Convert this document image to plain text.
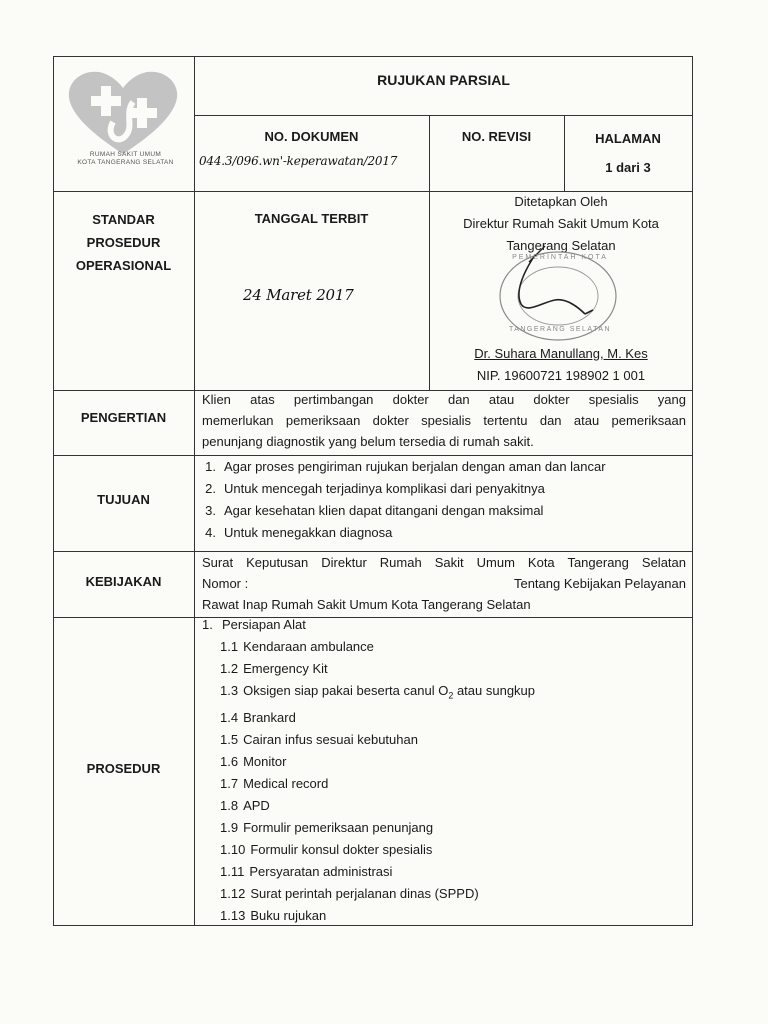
RUMAH SAKIT UMUM
KOTA TANGERANG SELATAN
RUJUKAN PARSIAL
NO. DOKUMEN
044.3/096.wn'-keperawatan/2017
NO. REVISI	HALAMAN
1 dari 3
STANDAR
PROSEDUR
OPERASIONAL
TANGGAL TERBIT
24 Maret 2017
Ditetapkan Oleh
Direktur Rumah Sakit Umum Kota
Tangerang Selatan
PEMERINTAH KOTA
TANGERANG SELATAN
Dr. Suhara Manullang, M. Kes
NIP. 19600721 198902 1 001
PENGERTIAN
Klien atas pertimbangan dokter dan atau dokter spesialis yang
memerlukan pemeriksaan dokter spesialis tertentu dan atau pemeriksaan
penunjang diagnostik yang belum tersedia di rumah sakit.
TUJUAN
1. Agar proses pengiriman rujukan berjalan dengan aman dan lancar
2. Untuk mencegah terjadinya komplikasi dari penyakitnya
3. Agar kesehatan klien dapat ditangani dengan maksimal
4. Untuk menegakkan diagnosa
KEBIJAKAN
Surat Keputusan Direktur Rumah Sakit Umum Kota Tangerang Selatan
Nomor :	Tentang Kebijakan Pelayanan
Rawat Inap Rumah Sakit Umum Kota Tangerang Selatan
PROSEDUR
1. Persiapan Alat
1.1 Kendaraan ambulance
1.2 Emergency Kit
1.3 Oksigen siap pakai beserta canul $O_2$ atau sungkup
1.4 Brankard
1.5 Cairan infus sesuai kebutuhan
1.6 Monitor
1.7 Medical record
1.8 APD
1.9 Formulir pemeriksaan penunjang
1.10 Formulir konsul dokter spesialis
1.11 Persyaratan administrasi
1.12 Surat perintah perjalanan dinas (SPPD)
1.13 Buku rujukan
